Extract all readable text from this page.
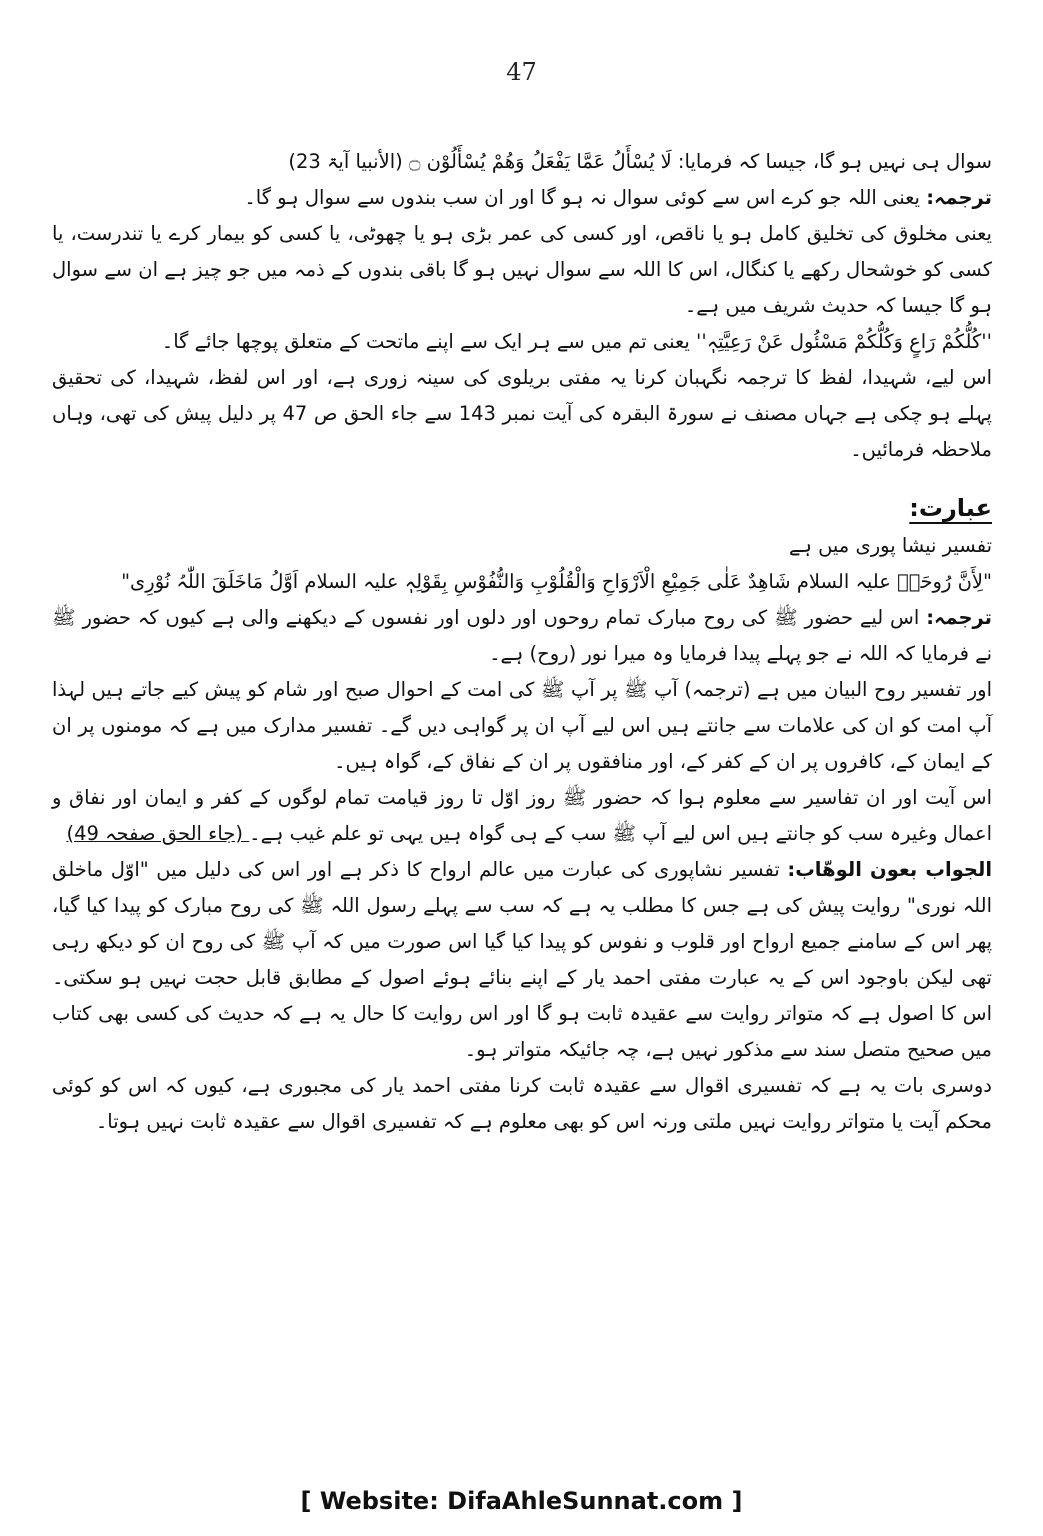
47

سوال ہی نہیں ہو گا، جیسا کہ فرمایا: لَا یُسْأَلُ عَمَّا یَفْعَلُ وَھُمْ یُسْأَلُوْن ۝ (الأنبیا آیۃ 23)

ترجمہ: یعنی اللہ جو کرے اس سے کوئی سوال نہ ہو گا اور ان سب بندوں سے سوال ہو گا۔

یعنی مخلوق کی تخلیق کامل ہو یا ناقص، اور کسی کی عمر بڑی ہو یا چھوٹی، یا کسی کو بیمار کرے یا تندرست، یا کسی کو خوشحال رکھے یا کنگال، اس کا اللہ سے سوال نہیں ہو گا باقی بندوں کے ذمہ میں جو چیز ہے ان سے سوال ہو گا جیسا کہ حدیث شریف میں ہے۔

''کُلُّکُمْ رَاعٍ وَکُلُّکُمْ مَسْئُول عَنْ رَعِیَّتِہٖ'' یعنی تم میں سے ہر ایک سے اپنے ماتحت کے متعلق پوچھا جائے گا۔

اس لیے، شہیدا، لفظ کا ترجمہ نگہبان کرنا یہ مفتی بریلوی کی سینہ زوری ہے، اور اس لفظ، شہیدا، کی تحقیق پہلے ہو چکی ہے جہاں مصنف نے سورۃ البقرہ کی آیت نمبر 143 سے جاء الحق ص 47 پر دلیل پیش کی تھی، وہاں ملاحظہ فرمائیں۔

عبارت:

تفسیر نیشا پوری میں ہے

"لِأَنَّ رُوحَہٗ علیہ السلام شَاھِدٌ عَلٰی جَمِیْعِ الْاَرْوَاحِ وَالْقُلُوْبِ وَالنُّفُوْسِ بِقَوْلِہٖ علیہ السلام اَوَّلُ مَاخَلَقَ اللّٰہُ نُوْرِی"

ترجمہ: اس لیے حضور ﷺ کی روح مبارک تمام روحوں اور دلوں اور نفسوں کے دیکھنے والی ہے کیوں کہ حضور ﷺ نے فرمایا کہ اللہ نے جو پہلے پیدا فرمایا وہ میرا نور (روح) ہے۔

اور تفسیر روح البیان میں ہے (ترجمہ) آپ ﷺ پر آپ ﷺ کی امت کے احوال صبح اور شام کو پیش کیے جاتے ہیں لہذا آپ امت کو ان کی علامات سے جانتے ہیں اس لیے آپ ان پر گواہی دیں گے۔ تفسیر مدارک میں ہے کہ مومنوں پر ان کے ایمان کے، کافروں پر ان کے کفر کے، اور منافقوں پر ان کے نفاق کے، گواہ ہیں۔

اس آیت اور ان تفاسیر سے معلوم ہوا کہ حضور ﷺ روز اوّل تا روز قیامت تمام لوگوں کے کفر و ایمان اور نفاق و اعمال وغیرہ سب کو جانتے ہیں اس لیے آپ ﷺ سب کے ہی گواہ ہیں یہی تو علم غیب ہے۔ (جاء الحق صفحہ 49)

الجواب بعون الوھّاب: تفسیر نشاپوری کی عبارت میں عالم ارواح کا ذکر ہے اور اس کی دلیل میں "اوّل ماخلق اللہ نوری" روایت پیش کی ہے جس کا مطلب یہ ہے کہ سب سے پہلے رسول اللہ ﷺ کی روح مبارک کو پیدا کیا گیا، پھر اس کے سامنے جمیع ارواح اور قلوب و نفوس کو پیدا کیا گیا اس صورت میں کہ آپ ﷺ کی روح ان کو دیکھ رہی تھی لیکن باوجود اس کے یہ عبارت مفتی احمد یار کے اپنے بنائے ہوئے اصول کے مطابق قابل حجت نہیں ہو سکتی۔ اس کا اصول ہے کہ متواتر روایت سے عقیدہ ثابت ہو گا اور اس روایت کا حال یہ ہے کہ حدیث کی کسی بھی کتاب میں صحیح متصل سند سے مذکور نہیں ہے، چہ جائیکہ متواتر ہو۔

دوسری بات یہ ہے کہ تفسیری اقوال سے عقیدہ ثابت کرنا مفتی احمد یار کی مجبوری ہے، کیوں کہ اس کو کوئی محکم آیت یا متواتر روایت نہیں ملتی ورنہ اس کو بھی معلوم ہے کہ تفسیری اقوال سے عقیدہ ثابت نہیں ہوتا۔

[ Website: DifaAhleSunnat.com ]
